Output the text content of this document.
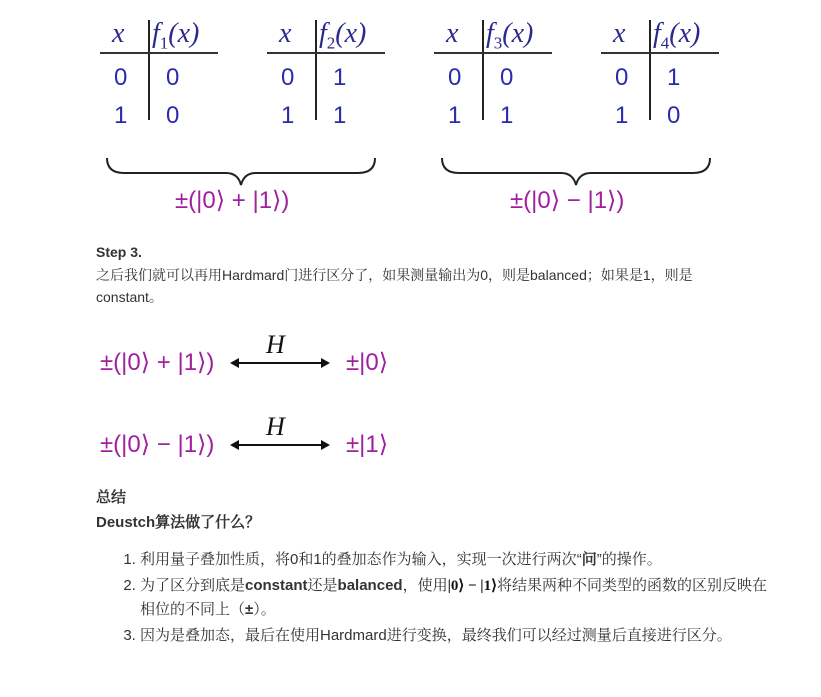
x $f_1(x)$
0 0
1 0
x $f_2(x)$
0 1
1 1
x $f_3(x)$
0 0
1 1
x $f_4(x)$
0 1
1 0
±(|0⟩ + |1⟩)	±(|0⟩ − |1⟩)
Step 3.
之后我们就可以再用Hardmard门进行区分了，如果测量输出为0，则是balanced；如果是1，则是constant。
±(|0⟩ + |1⟩)
H
±|0⟩
±(|0⟩ − |1⟩)
H
±|1⟩
总结
Deustch算法做了什么？
1. 利用量子叠加性质，将0和1的叠加态作为输入，实现一次进行两次“问”的操作。
2. 为了区分到底是constant还是balanced，使用|0⟩ − |1⟩将结果两种不同类型的函数的区别反映在相位的不同上（±）。
3. 因为是叠加态，最后在使用Hardmard进行变换，最终我们可以经过测量后直接进行区分。
